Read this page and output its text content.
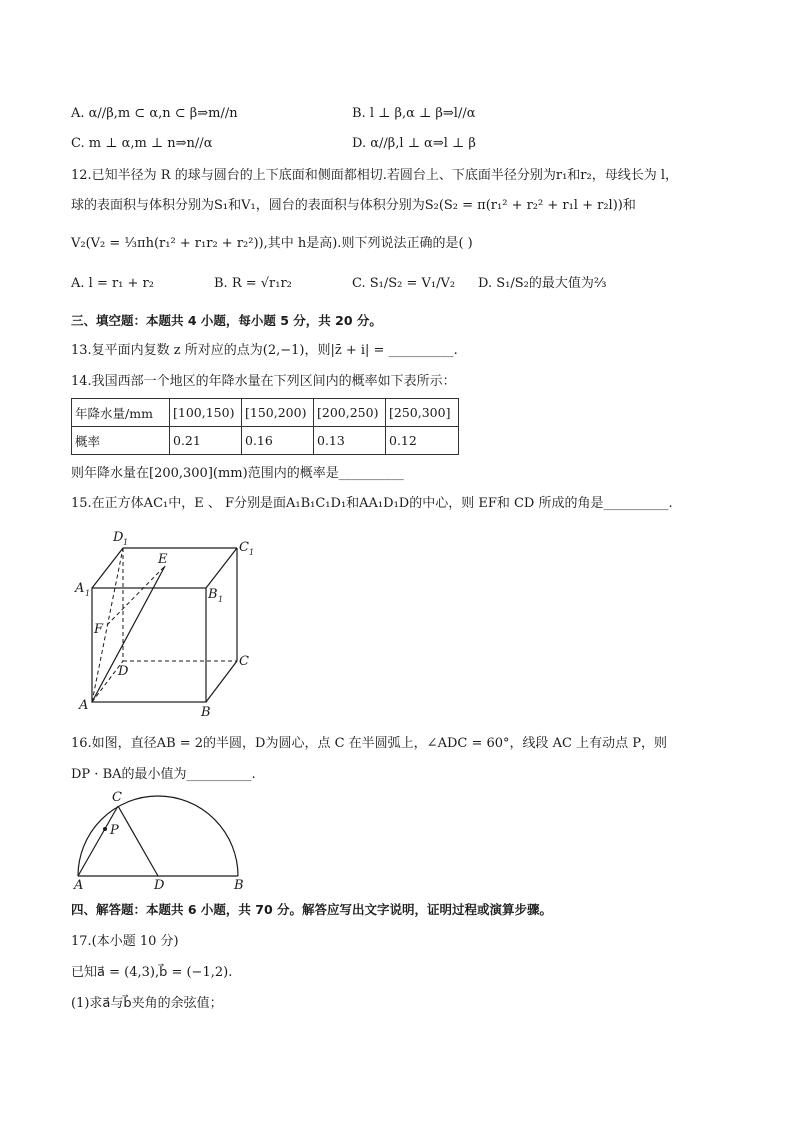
A. α//β,m ⊂ α,n ⊂ β⇒m//n	B. l ⊥ β,α ⊥ β⇒l//α
C. m ⊥ α,m ⊥ n⇒n//α	D. α//β,l ⊥ α⇒l ⊥ β
12.已知半径为 R 的球与圆台的上下底面和侧面都相切.若圆台上、下底面半径分别为r₁和r₂，母线长为 l，
球的表面积与体积分别为S₁和V₁，圆台的表面积与体积分别为S₂(S₂ = π(r₁² + r₂² + r₁l + r₂l))和
V₂(V₂ = ⅓πh(r₁² + r₁r₂ + r₂²)),其中 h是高).则下列说法正确的是( )
A. l = r₁ + r₂	B. R = √r₁r₂	C. S₁/S₂ = V₁/V₂ D. S₁/S₂的最大值为⅔
三、填空题：本题共 4 小题，每小题 5 分，共 20 分。
13.复平面内复数 z 所对应的点为(2,−1)，则|z̄ + i| = __________.
14.我国西部一个地区的年降水量在下列区间内的概率如下表所示：
年降水量/mm	[100,150)	[150,200)	[200,250)	[250,300]
概率	0.21	0.16	0.13	0.12
则年降水量在[200,300](mm)范围内的概率是__________
15.在正方体AC₁中，E 、 F分别是面A₁B₁C₁D₁和AA₁D₁D的中心，则 EF和 CD 所成的角是__________.
D 1	C 1
E
A 1	B 1
F
C
D
A	B
16.如图，直径AB = 2的半圆，D为圆心，点 C 在半圆弧上，∠ADC = 60°，线段 AC 上有动点 P，则
DP · BA的最小值为__________.
C
P
A	D	B
四、解答题：本题共 6 小题，共 70 分。解答应写出文字说明，证明过程或演算步骤。
17.(本小题 10 分)
已知a⃗ = (4,3),b⃗ = (−1,2).
(1)求a⃗与b⃗夹角的余弦值；
